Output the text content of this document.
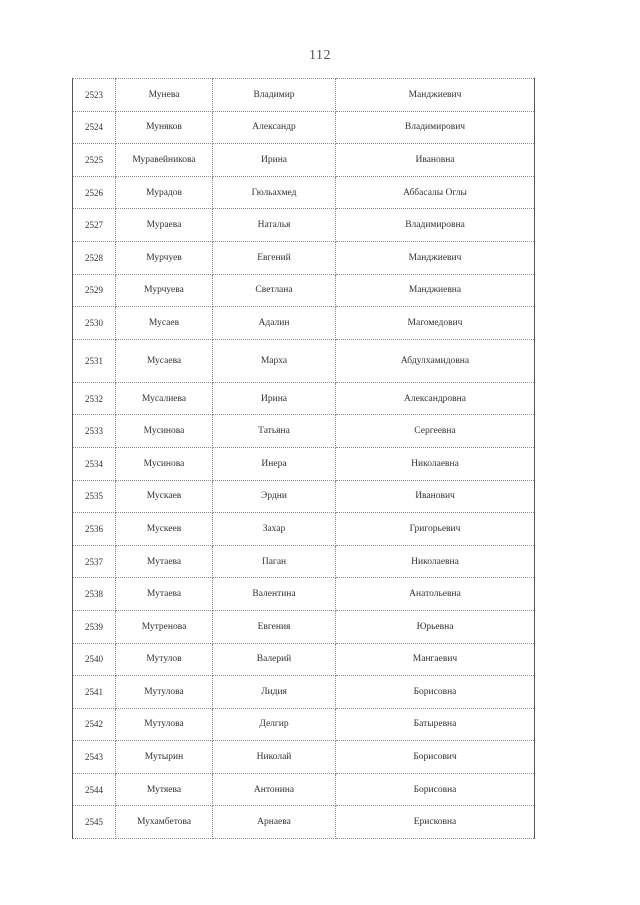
112
2523	Мунева	Владимир	Манджиевич
2524	Муняков	Александр	Владимирович
2525	Муравейникова	Ирина	Ивановна
2526	Мурадов	Гюльахмед	Аббасалы Оглы
2527	Мураева	Наталья	Владимировна
2528	Мурчуев	Евгений	Манджиевич
2529	Мурчуева	Светлана	Манджиевна
2530	Мусаев	Адалин	Магомедович
2531	Мусаева	Марха	Абдулхамидовна
2532	Мусалиева	Ирина	Александровна
2533	Мусинова	Татьяна	Сергеевна
2534	Мусинова	Инера	Николаевна
2535	Мускаев	Эрдни	Иванович
2536	Мускеев	Захар	Григорьевич
2537	Мутаева	Паган	Николаевна
2538	Мутаева	Валентина	Анатольевна
2539	Мутренова	Евгения	Юрьевна
2540	Мутулов	Валерий	Мангаевич
2541	Мутулова	Лидия	Борисовна
2542	Мутулова	Делгир	Батыревна
2543	Мутырин	Николай	Борисович
2544	Мутяева	Антонина	Борисовна
2545	Мухамбетова	Арнаева	Ерисковна
